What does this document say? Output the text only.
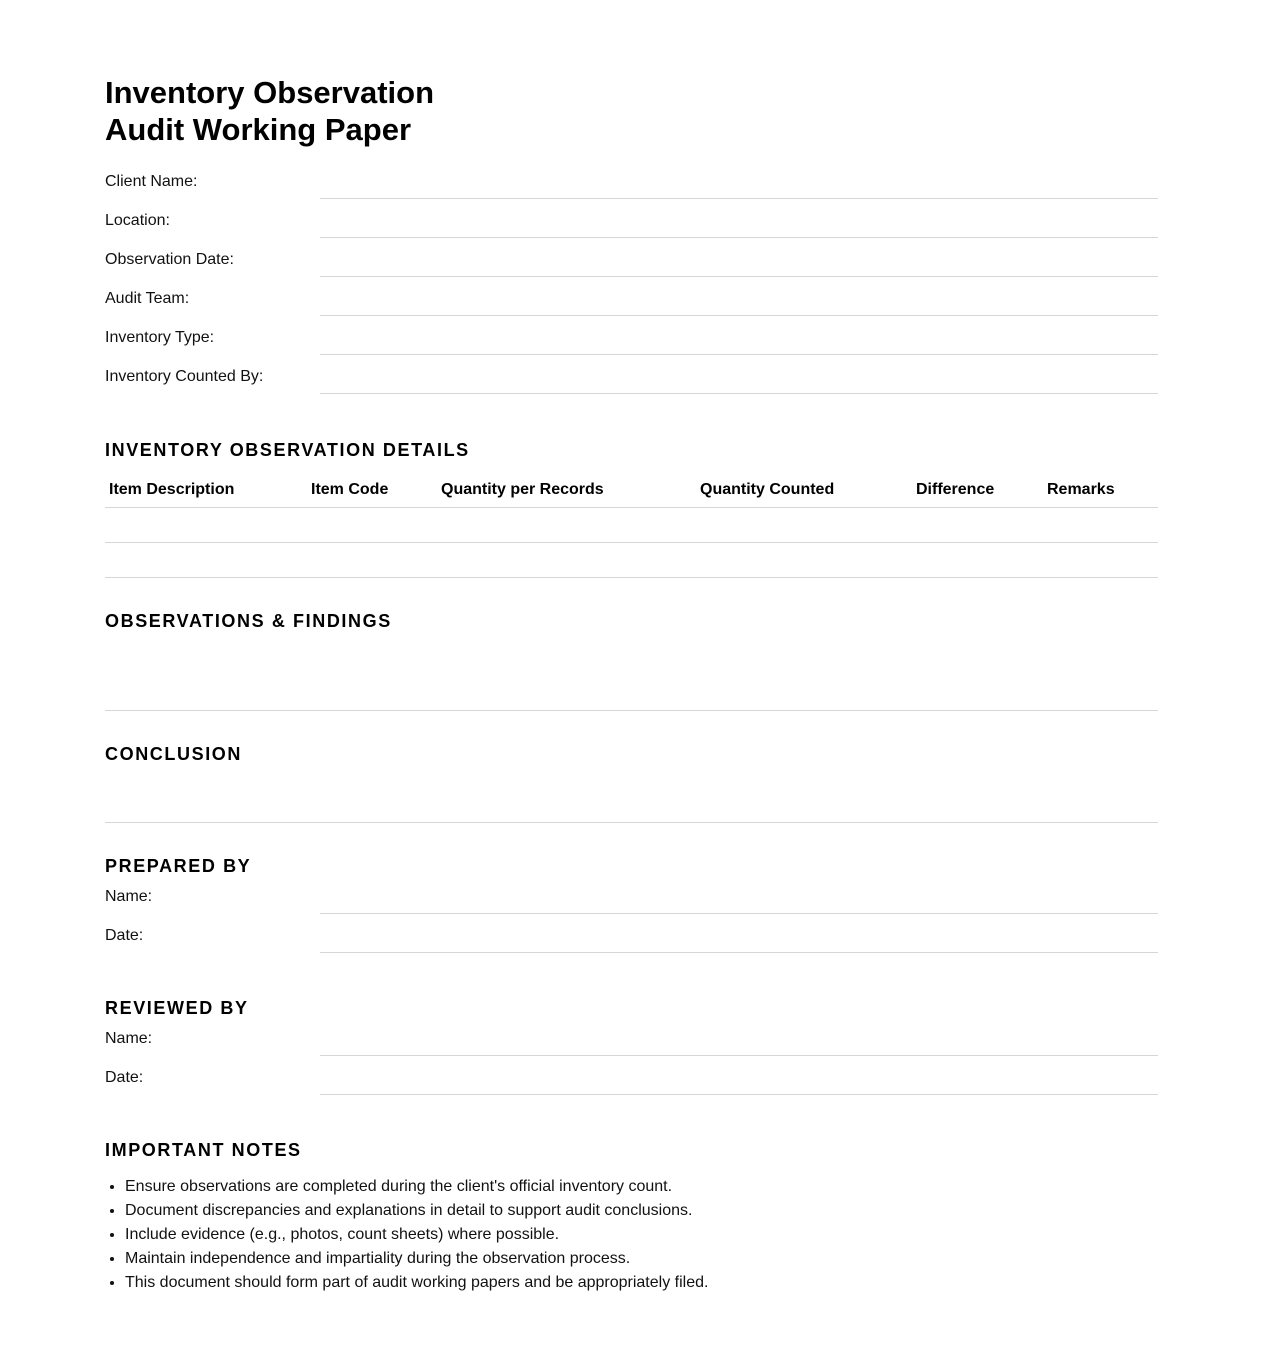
Inventory Observation
Audit Working Paper
Client Name:
Location:
Observation Date:
Audit Team:
Inventory Type:
Inventory Counted By:
INVENTORY OBSERVATION DETAILS
Item Description	Item Code	Quantity per Records	Quantity Counted	Difference	Remarks

OBSERVATIONS & FINDINGS
CONCLUSION
PREPARED BY
Name:
Date:
REVIEWED BY
Name:
Date:
IMPORTANT NOTES
• Ensure observations are completed during the client's official inventory count.
• Document discrepancies and explanations in detail to support audit conclusions.
• Include evidence (e.g., photos, count sheets) where possible.
• Maintain independence and impartiality during the observation process.
• This document should form part of audit working papers and be appropriately filed.
